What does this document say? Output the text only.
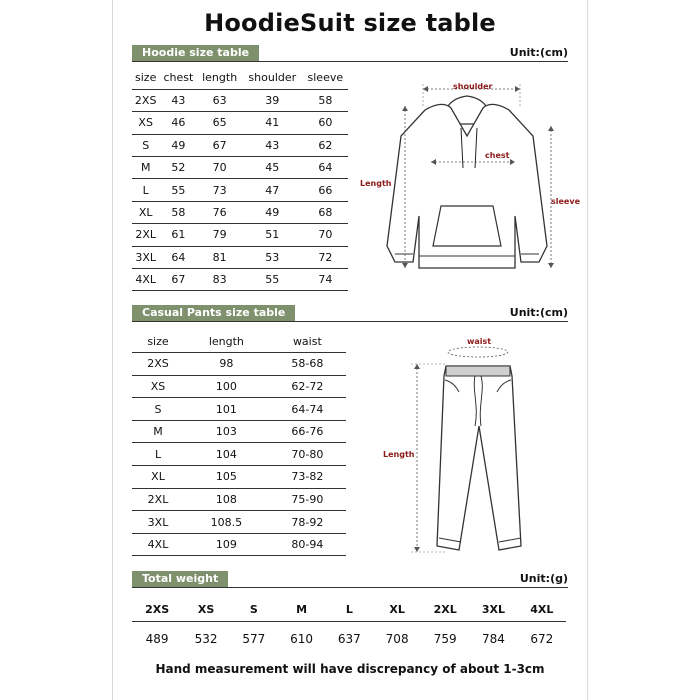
HoodieSuit size table
Hoodie size table	Unit:(cm)
size	chest	length	shoulder	sleeve
2XS	43	63	39	58
XS	46	65	41	60
S	49	67	43	62
M	52	70	45	64
L	55	73	47	66
XL	58	76	49	68
2XL	61	79	51	70
3XL	64	81	53	72
4XL	67	83	55	74
shoulder
chest
Length
sleeve
Casual Pants size table	Unit:(cm)
size	length	waist
2XS	98	58-68
XS	100	62-72
S	101	64-74
M	103	66-76
L	104	70-80
XL	105	73-82
2XL	108	75-90
3XL	108.5	78-92
4XL	109	80-94
waist
Length
Total weight	Unit:(g)
2XS	XS	S	M	L	XL	2XL	3XL	4XL

489	532	577	610	637	708	759	784	672
Hand measurement will have discrepancy of about 1-3cm
